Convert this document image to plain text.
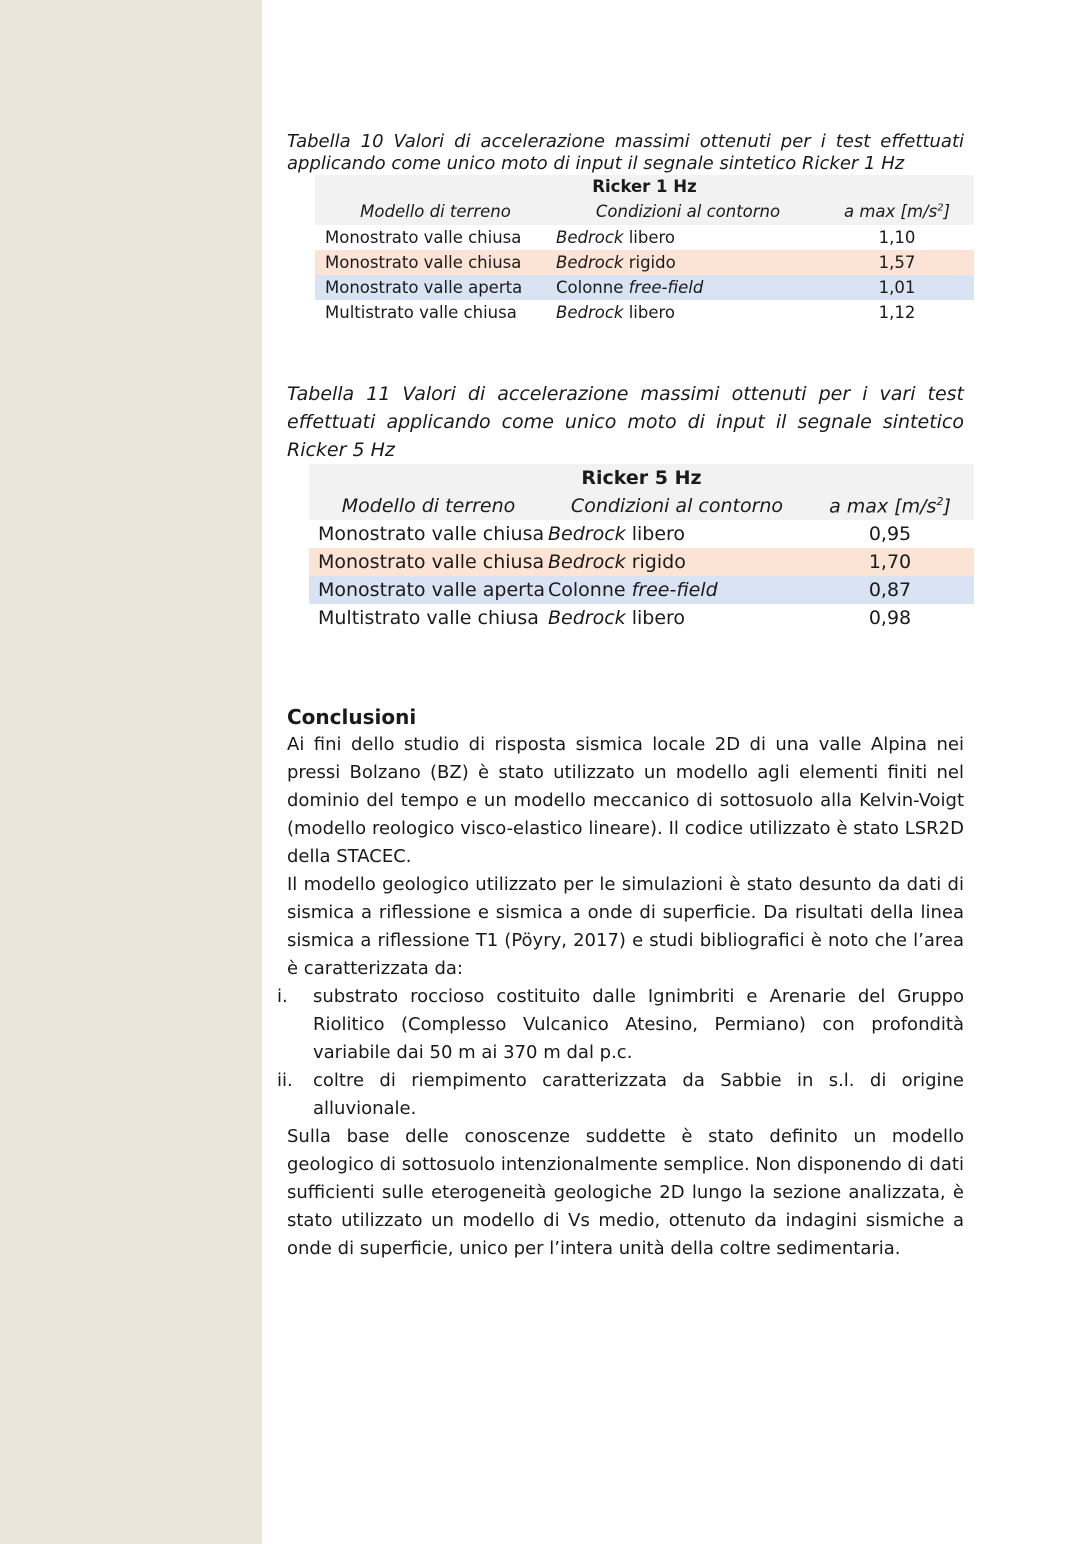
Tabella 10 Valori di accelerazione massimi ottenuti per i test effettuati applicando come unico moto di input il segnale sintetico Ricker 1 Hz

Ricker 1 Hz		
Modello di terreno	Condizioni al contorno	a $\max [m/s^2]$
Monostrato valle chiusa	Bedrock libero	1,10
Monostrato valle chiusa	Bedrock rigido	1,57
Monostrato valle aperta	Colonne free-field	1,01
Multistrato valle chiusa	Bedrock libero	1,12

Tabella 11 Valori di accelerazione massimi ottenuti per i vari test effettuati applicando come unico moto di input il segnale sintetico Ricker 5 Hz

Ricker 5 Hz		
Modello di terreno	Condizioni al contorno	a $\max [m/s^2]$
Monostrato valle chiusa	Bedrock libero	0,95
Monostrato valle chiusa	Bedrock rigido	1,70
Monostrato valle aperta	Colonne free-field	0,87
Multistrato valle chiusa	Bedrock libero	0,98
Conclusioni

Ai fini dello studio di risposta sismica locale 2D di una valle Alpina nei pressi Bolzano (BZ) è stato utilizzato un modello agli elementi finiti nel dominio del tempo e un modello meccanico di sottosuolo alla Kelvin-Voigt (modello reologico visco-elastico lineare). Il codice utilizzato è stato LSR2D della STACEC.

Il modello geologico utilizzato per le simulazioni è stato desunto da dati di sismica a riflessione e sismica a onde di superficie. Da risultati della linea sismica a riflessione T1 (Pöyry, 2017) e studi bibliografici è noto che l’area è caratterizzata da:

i.	substrato roccioso costituito dalle Ignimbriti e Arenarie del Gruppo Riolitico (Complesso Vulcanico Atesino, Permiano) con profondità variabile dai 50 m ai 370 m dal p.c.
ii.	coltre di riempimento caratterizzata da Sabbie in s.l. di origine alluvionale.

Sulla base delle conoscenze suddette è stato definito un modello geologico di sottosuolo intenzionalmente semplice. Non disponendo di dati sufficienti sulle eterogeneità geologiche 2D lungo la sezione analizzata, è stato utilizzato un modello di Vs medio, ottenuto da indagini sismiche a onde di superficie, unico per l’intera unità della coltre sedimentaria.
